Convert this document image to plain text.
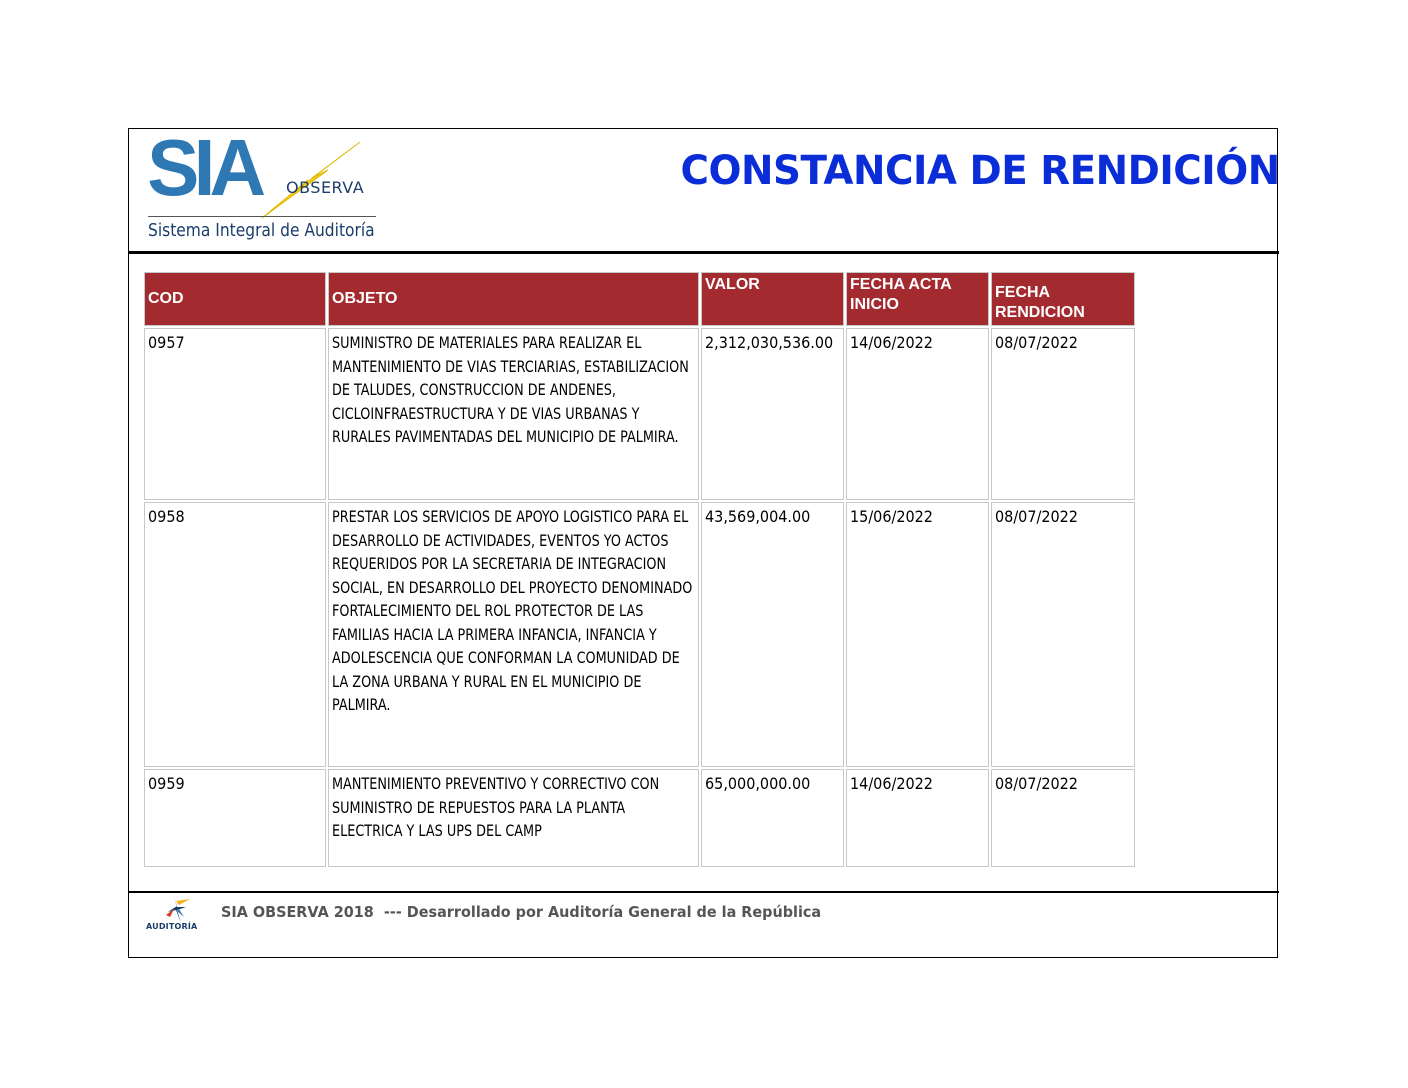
SIA OBSERVA
Sistema Integral de Auditoría
CONSTANCIA DE RENDICIÓN
COD	OBJETO	VALOR	FECHA ACTA INICIO	FECHA RENDICION
0957	SUMINISTRO DE MATERIALES PARA REALIZAR EL MANTENIMIENTO DE VIAS TERCIARIAS, ESTABILIZACION DE TALUDES, CONSTRUCCION DE ANDENES, CICLOINFRAESTRUCTURA Y DE VIAS URBANAS Y RURALES PAVIMENTADAS DEL MUNICIPIO DE PALMIRA.	2,312,030,536.00	14/06/2022	08/07/2022
0958	PRESTAR LOS SERVICIOS DE APOYO LOGISTICO PARA EL DESARROLLO DE ACTIVIDADES, EVENTOS YO ACTOS REQUERIDOS POR LA SECRETARIA DE INTEGRACION SOCIAL, EN DESARROLLO DEL PROYECTO DENOMINADO FORTALECIMIENTO DEL ROL PROTECTOR DE LAS FAMILIAS HACIA LA PRIMERA INFANCIA, INFANCIA Y ADOLESCENCIA QUE CONFORMAN LA COMUNIDAD DE LA ZONA URBANA Y RURAL EN EL MUNICIPIO DE PALMIRA.	43,569,004.00	15/06/2022	08/07/2022
0959	MANTENIMIENTO PREVENTIVO Y CORRECTIVO CON SUMINISTRO DE REPUESTOS PARA LA PLANTA ELECTRICA Y LAS UPS DEL CAMP	65,000,000.00	14/06/2022	08/07/2022
AUDITORÍA
SIA OBSERVA 2018  --- Desarrollado por Auditoría General de la República
